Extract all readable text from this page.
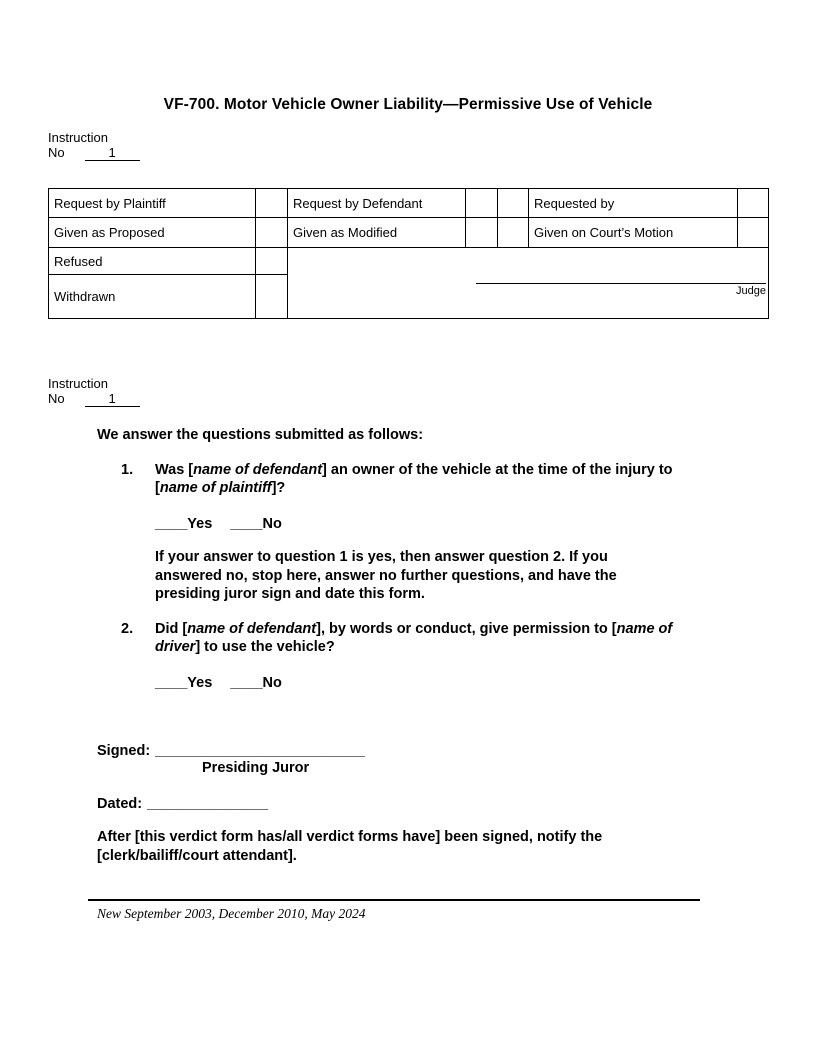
VF-700. Motor Vehicle Owner Liability—Permissive Use of Vehicle
Instruction
No	1
Request by Plaintiff		Request by Defendant			Requested by	
Given as Proposed		Given as Modified			Given on Court’s Motion	
Refused		Judge				

Withdrawn						
Instruction
No	1
We answer the questions submitted as follows:
1.	Was [name of defendant] an owner of the vehicle at the time of the injury to [name of plaintiff]?
____Yes ____No
If your answer to question 1 is yes, then answer question 2. If you answered no, stop here, answer no further questions, and have the presiding juror sign and date this form.
2.	Did [name of defendant], by words or conduct, give permission to [name of driver] to use the vehicle?
____Yes ____No
Signed: __________________________
Presiding Juror
Dated: _______________
After [this verdict form has/all verdict forms have] been signed, notify the [clerk/bailiff/court attendant].
New September 2003, December 2010, May 2024
